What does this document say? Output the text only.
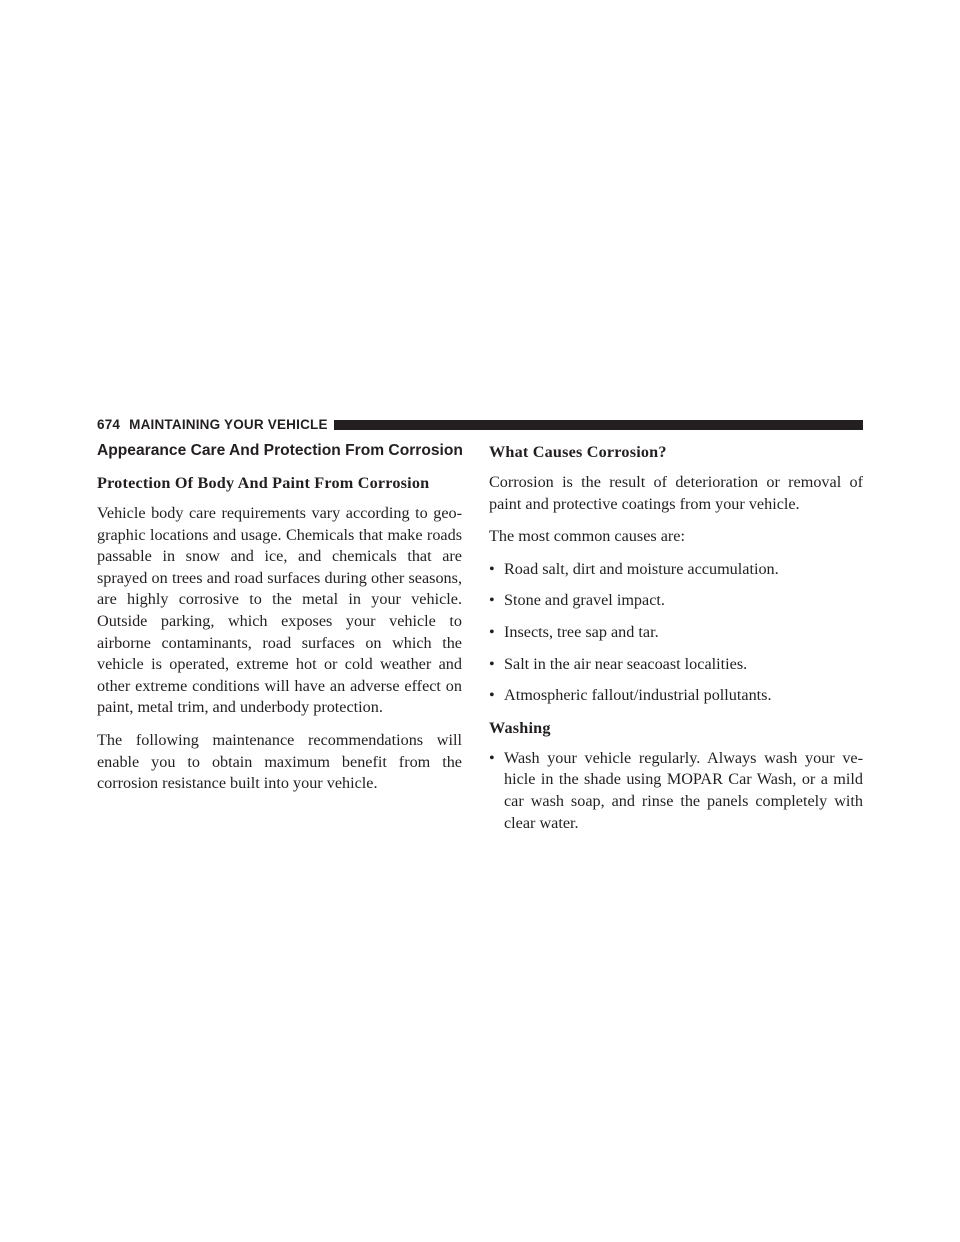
674 MAINTAINING YOUR VEHICLE
Appearance Care And Protection From Corrosion
Protection Of Body And Paint From Corrosion

Vehicle body care requirements vary according to geographic locations and usage. Chemicals that make roads passable in snow and ice, and chemicals that are sprayed on trees and road surfaces during other seasons, are highly corrosive to the metal in your vehicle. Outside parking, which exposes your vehicle to airborne contaminants, road surfaces on which the vehicle is operated, extreme hot or cold weather and other extreme conditions will have an adverse effect on paint, metal trim, and underbody protection.

The following maintenance recommendations will enable you to obtain maximum benefit from the corrosion resistance built into your vehicle.

What Causes Corrosion?

Corrosion is the result of deterioration or removal of paint and protective coatings from your vehicle.

The most common causes are:

• Road salt, dirt and moisture accumulation.
• Stone and gravel impact.
• Insects, tree sap and tar.
• Salt in the air near seacoast localities.
• Atmospheric fallout/industrial pollutants.
Washing
• Wash your vehicle regularly. Always wash your vehicle in the shade using MOPAR Car Wash, or a mild car wash soap, and rinse the panels completely with clear water.
